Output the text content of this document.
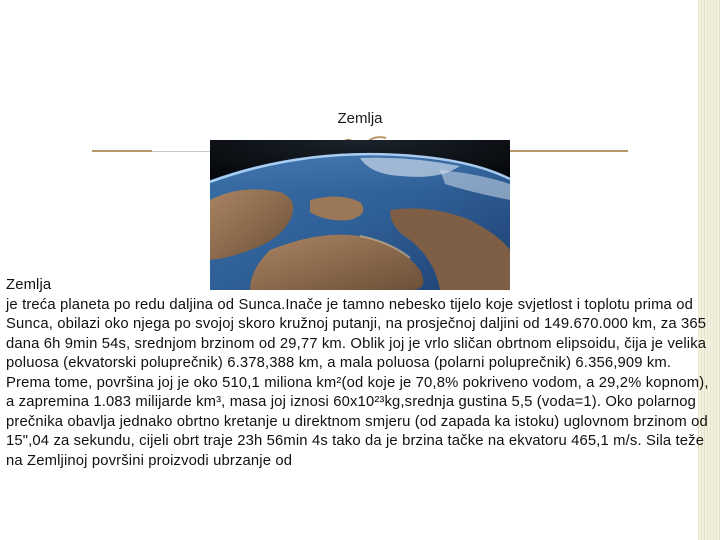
Zemlja

Zemlja

je treća planeta po redu daljina od Sunca.Inače je tamno nebesko tijelo koje svjetlost i toplotu prima od Sunca, obilazi oko njega po svojoj skoro kružnoj putanji, na prosječnoj daljini od 149.670.000 km, za 365 dana 6h 9min 54s, srednjom brzinom od 29,77 km. Oblik joj je vrlo sličan obrtnom elipsoidu, čija je velika poluosa (ekvatorski poluprečnik) 6.378,388 km, a mala poluosa (polarni poluprečnik) 6.356,909 km. Prema tome, površina joj je oko 510,1 miliona km²(od koje je 70,8% pokriveno vodom, a 29,2% kopnom), a zapremina 1.083 milijarde km³, masa joj iznosi 60x10²³kg,srednja gustina 5,5 (voda=1). Oko polarnog prečnika obavlja jednako obrtno kretanje u direktnom smjeru (od zapada ka istoku) uglovnom brzinom od 15",04 za sekundu, cijeli obrt traje 23h 56min 4s tako da je brzina tačke na ekvatoru 465,1 m/s. Sila teže na Zemljinoj površini proizvodi ubrzanje od
